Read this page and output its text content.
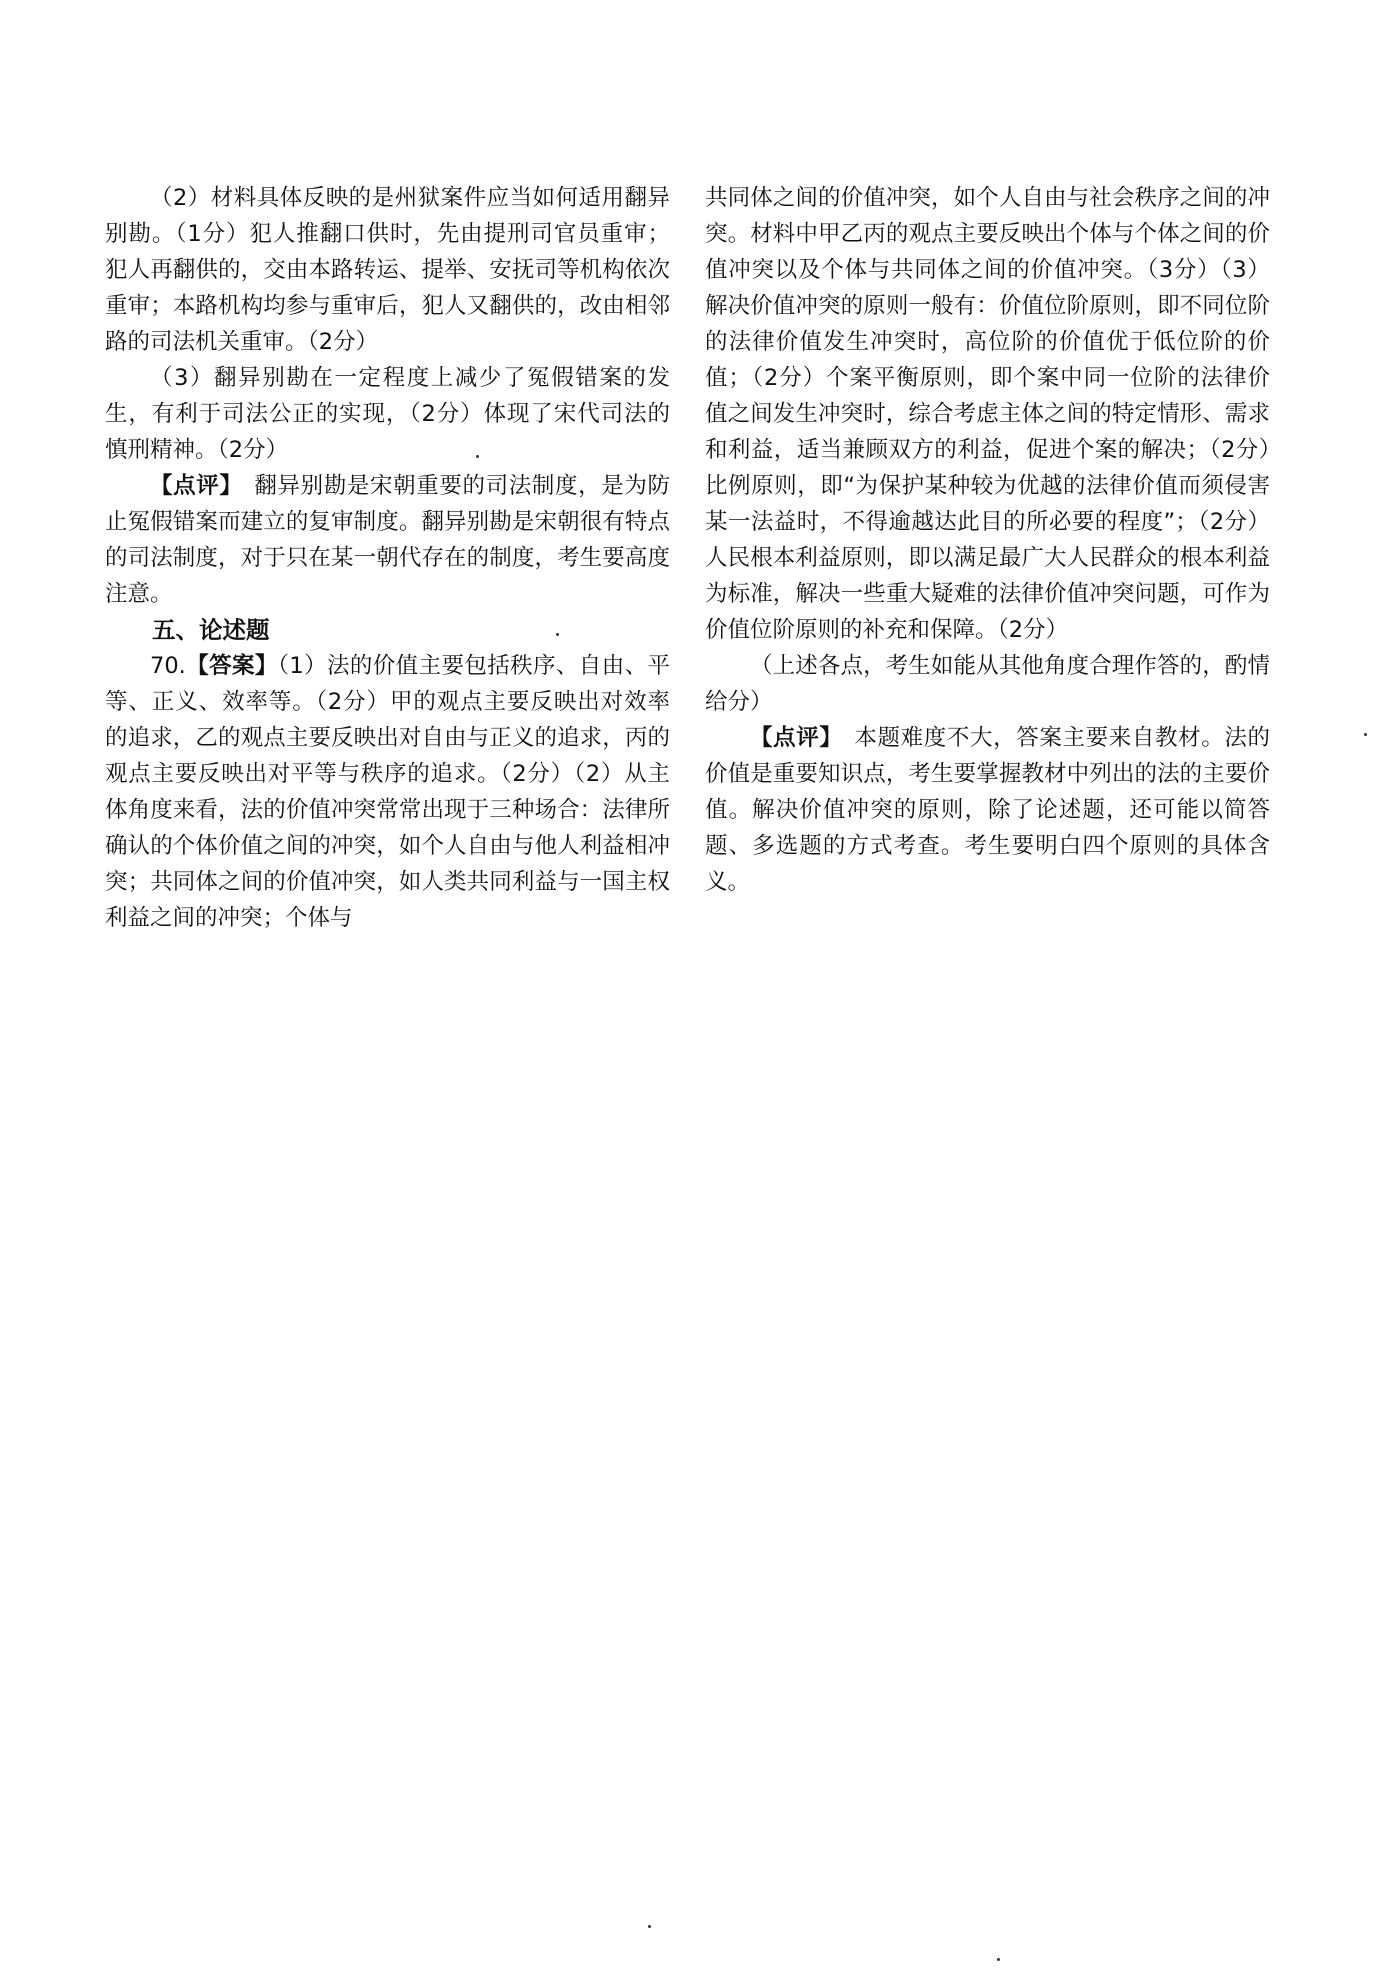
（2）材料具体反映的是州狱案件应当如何适用翻异别勘。（1分）犯人推翻口供时，先由提刑司官员重审；犯人再翻供的，交由本路转运、提举、安抚司等机构依次重审；本路机构均参与重审后，犯人又翻供的，改由相邻路的司法机关重审。（2分）

（3）翻异别勘在一定程度上减少了冤假错案的发生，有利于司法公正的实现，（2分）体现了宋代司法的慎刑精神。（2分）

【点评】　翻异别勘是宋朝重要的司法制度，是为防止冤假错案而建立的复审制度。翻异别勘是宋朝很有特点的司法制度，对于只在某一朝代存在的制度，考生要高度注意。

五、论述题

70.【答案】（1）法的价值主要包括秩序、自由、平等、正义、效率等。（2分）甲的观点主要反映出对效率的追求，乙的观点主要反映出对自由与正义的追求，丙的观点主要反映出对平等与秩序的追求。（2分）（2）从主体角度来看，法的价值冲突常常出现于三种场合：法律所确认的个体价值之间的冲突，如个人自由与他人利益相冲突；共同体之间的价值冲突，如人类共同利益与一国主权利益之间的冲突；个体与

共同体之间的价值冲突，如个人自由与社会秩序之间的冲突。材料中甲乙丙的观点主要反映出个体与个体之间的价值冲突以及个体与共同体之间的价值冲突。（3分）（3）解决价值冲突的原则一般有：价值位阶原则，即不同位阶的法律价值发生冲突时，高位阶的价值优于低位阶的价值；（2分）个案平衡原则，即个案中同一位阶的法律价值之间发生冲突时，综合考虑主体之间的特定情形、需求和利益，适当兼顾双方的利益，促进个案的解决；（2分）比例原则，即“为保护某种较为优越的法律价值而须侵害某一法益时，不得逾越达此目的所必要的程度”；（2分）人民根本利益原则，即以满足最广大人民群众的根本利益为标准，解决一些重大疑难的法律价值冲突问题，可作为价值位阶原则的补充和保障。（2分）

（上述各点，考生如能从其他角度合理作答的，酌情给分）

【点评】　本题难度不大，答案主要来自教材。法的价值是重要知识点，考生要掌握教材中列出的法的主要价值。解决价值冲突的原则，除了论述题，还可能以简答题、多选题的方式考查。考生要明白四个原则的具体含义。
